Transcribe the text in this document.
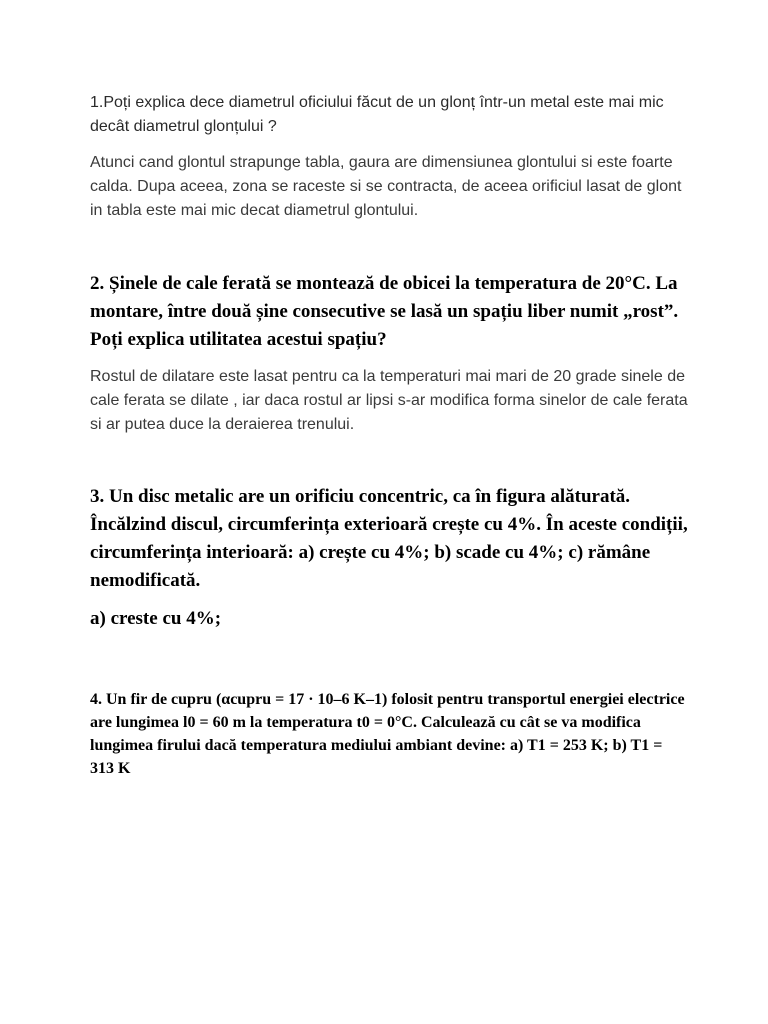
1.Poți explica dece diametrul oficiului făcut de un glonț într-un metal este mai mic decât diametrul glonțului ?

Atunci cand glontul strapunge tabla, gaura are dimensiunea glontului si este foarte calda. Dupa aceea, zona se raceste si se contracta, de aceea orificiul lasat de glont in tabla este mai mic decat diametrul glontului.

2. Șinele de cale ferată se montează de obicei la temperatura de 20°C. La montare, între două șine consecutive se lasă un spațiu liber numit „rost”. Poți explica utilitatea acestui spațiu?

Rostul de dilatare este lasat pentru ca la temperaturi mai mari de 20 grade sinele de cale ferata se dilate , iar daca rostul ar lipsi s-ar modifica forma sinelor de cale ferata si ar putea duce la deraierea trenului.

3. Un disc metalic are un orificiu concentric, ca în figura alăturată. Încălzind discul, circumferința exterioară crește cu 4%. În aceste condiții, circumferința interioară: a) crește cu 4%; b) scade cu 4%; c) rămâne nemodificată.

a) creste cu 4%;

4. Un fir de cupru (αcupru = 17 · 10–6 K–1) folosit pentru transportul energiei electrice are lungimea l0 = 60 m la temperatura t0 = 0°C. Calculează cu cât se va modifica lungimea firului dacă temperatura mediului ambiant devine: a) T1 = 253 K; b) T1 = 313 K
